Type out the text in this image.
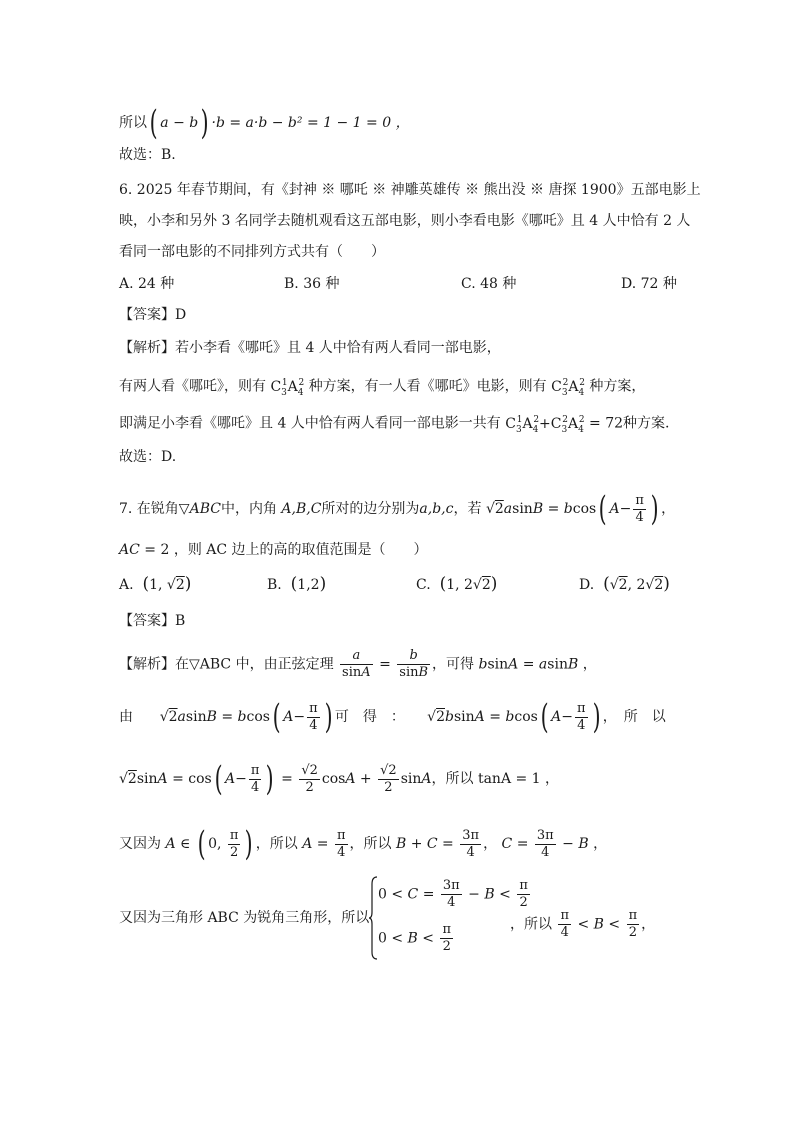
所以( a − b) ·b = a·b − b² = 1 − 1 = 0 ，
故选：B.
6. 2025 年春节期间，有《封神 ※ 哪吒 ※ 神雕英雄传 ※ 熊出没 ※ 唐探 1900》五部电影上
映，小李和另外 3 名同学去随机观看这五部电影，则小李看电影《哪吒》且 4 人中恰有 2 人
看同一部电影的不同排列方式共有（　　）
A. 24 种	B. 36 种	C. 48 种	D. 72 种
【答案】D
【解析】若小李看《哪吒》且 4 人中恰有两人看同一部电影，
有两人看《哪吒》，则有 $C_3^1A_4^2$ 种方案，有一人看《哪吒》电影，则有 $C_3^2A_4^2$ 种方案，
即满足小李看《哪吒》且 4 人中恰有两人看同一部电影一共有 $C_3^1A_4^2+C_3^2A_4^2 = 72$种方案.
故选：D.
7. 在锐角▽ABC中，内角 A,B,C所对的边分别为a,b,c，若 √2asinB = bcos( $A- \frac{\pi}{4}$ ) ，
AC = 2 ，则 AC 边上的高的取值范围是（　　）
A. (1, √2)	B. (1,2)	C. (1, 2√2)	D. (√2, 2√2)
【答案】B
【解析】在▽ABC 中，由正弦定理 $\frac{a}{\sin A} = \frac{b}{\sin B}$ ，可得 bsinA = asinB ，
由      √2asinB = bcos( $A- \frac{\pi}{4}$ ) 可　得　：     √2bsinA = bcos( $A- \frac{\pi}{4}$ ) ，　所　以
√2sinA = cos( $A- \frac{\pi}{4}$ ) = $\frac{√2}{2}$ $\cos A + \frac{√2}{2}$ sinA，所以 tanA = 1 ，
又因为 A ∈ ( 0, $\frac{\pi}{2}$ ) ，所以 $A = \frac{\pi}{4}$ ，所以 $B + C = \frac{3\pi}{4}$ ， $C = \frac{3\pi}{4} - B$ ，
又因为三角形 ABC 为锐角三角形，所以
$0 < C = \frac{3\pi}{4} - B < \frac{\pi}{2}$
$0 < B < \frac{\pi}{2}$	，所以 $\frac{\pi}{4} < B < \frac{\pi}{2}$ ，
